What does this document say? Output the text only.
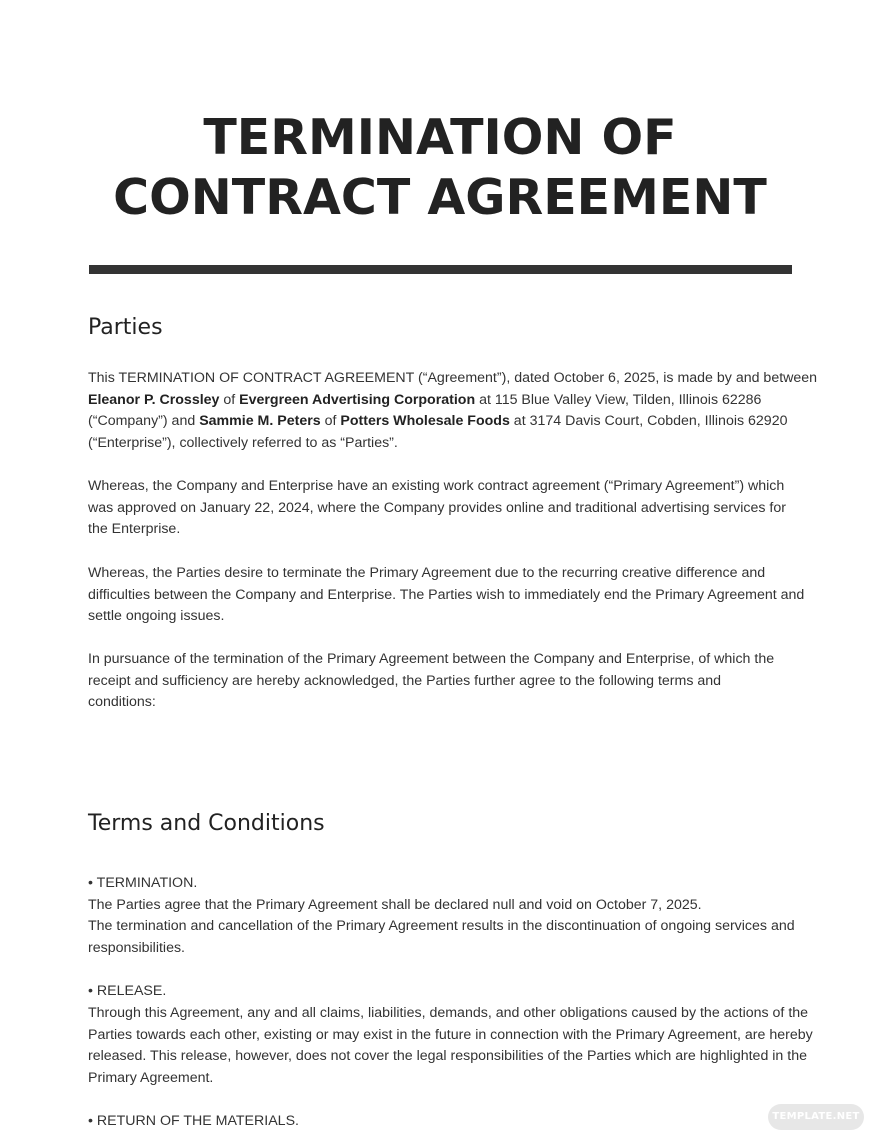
TERMINATION OF CONTRACT AGREEMENT
Parties

This TERMINATION OF CONTRACT AGREEMENT (“Agreement”), dated October 6, 2025, is made by and between Eleanor P. Crossley of Evergreen Advertising Corporation at 115 Blue Valley View, Tilden, Illinois 62286 (“Company”) and Sammie M. Peters of Potters Wholesale Foods at 3174 Davis Court, Cobden, Illinois 62920 (“Enterprise”), collectively referred to as “Parties”.

Whereas, the Company and Enterprise have an existing work contract agreement (“Primary Agreement”) which was approved on January 22, 2024, where the Company provides online and traditional advertising services for the Enterprise.

Whereas, the Parties desire to terminate the Primary Agreement due to the recurring creative difference and difficulties between the Company and Enterprise. The Parties wish to immediately end the Primary Agreement and settle ongoing issues.

In pursuance of the termination of the Primary Agreement between the Company and Enterprise, of which the receipt and sufficiency are hereby acknowledged, the Parties further agree to the following terms and conditions:

Terms and Conditions

• TERMINATION.

The Parties agree that the Primary Agreement shall be declared null and void on October 7, 2025.

The termination and cancellation of the Primary Agreement results in the discontinuation of ongoing services and responsibilities.

• RELEASE.

Through this Agreement, any and all claims, liabilities, demands, and other obligations caused by the actions of the Parties towards each other, existing or may exist in the future in connection with the Primary Agreement, are hereby released. This release, however, does not cover the legal responsibilities of the Parties which are highlighted in the Primary Agreement.

• RETURN OF THE MATERIALS.	TEMPLATE.NET
